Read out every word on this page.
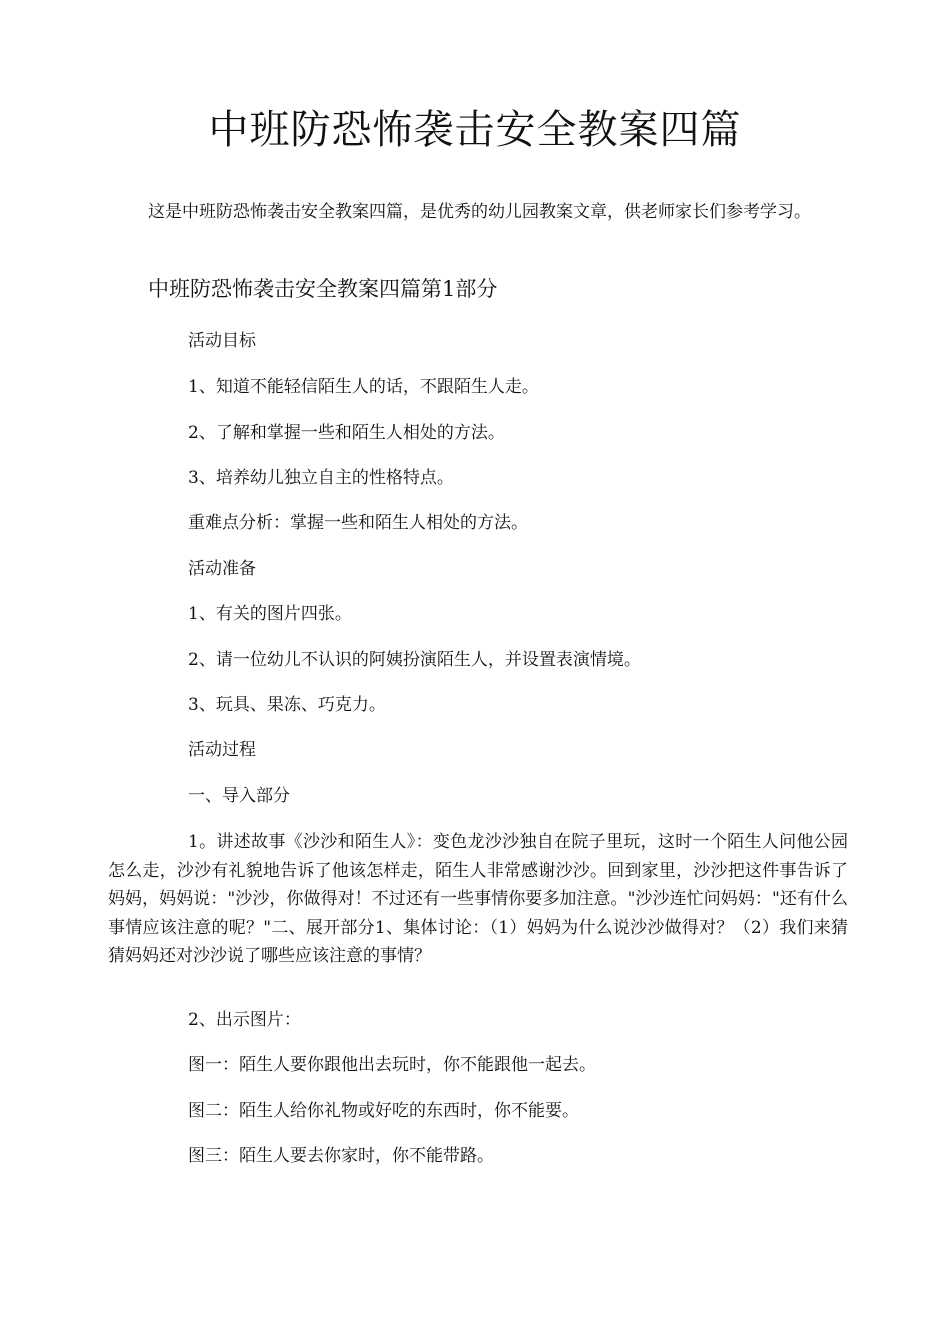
中班防恐怖袭击安全教案四篇

这是中班防恐怖袭击安全教案四篇，是优秀的幼儿园教案文章，供老师家长们参考学习。

中班防恐怖袭击安全教案四篇第1部分

活动目标

1、知道不能轻信陌生人的话，不跟陌生人走。

2、了解和掌握一些和陌生人相处的方法。

3、培养幼儿独立自主的性格特点。

重难点分析：掌握一些和陌生人相处的方法。

活动准备

1、有关的图片四张。

2、请一位幼儿不认识的阿姨扮演陌生人，并设置表演情境。

3、玩具、果冻、巧克力。

活动过程

一、导入部分

1。讲述故事《沙沙和陌生人》：变色龙沙沙独自在院子里玩，这时一个陌生人问他公园怎么走，沙沙有礼貌地告诉了他该怎样走，陌生人非常感谢沙沙。回到家里，沙沙把这件事告诉了妈妈，妈妈说："沙沙，你做得对！不过还有一些事情你要多加注意。"沙沙连忙问妈妈："还有什么事情应该注意的呢？"二、展开部分1、集体讨论：（1）妈妈为什么说沙沙做得对？（2）我们来猜猜妈妈还对沙沙说了哪些应该注意的事情？

2、出示图片：

图一：陌生人要你跟他出去玩时，你不能跟他一起去。

图二：陌生人给你礼物或好吃的东西时，你不能要。

图三：陌生人要去你家时，你不能带路。
